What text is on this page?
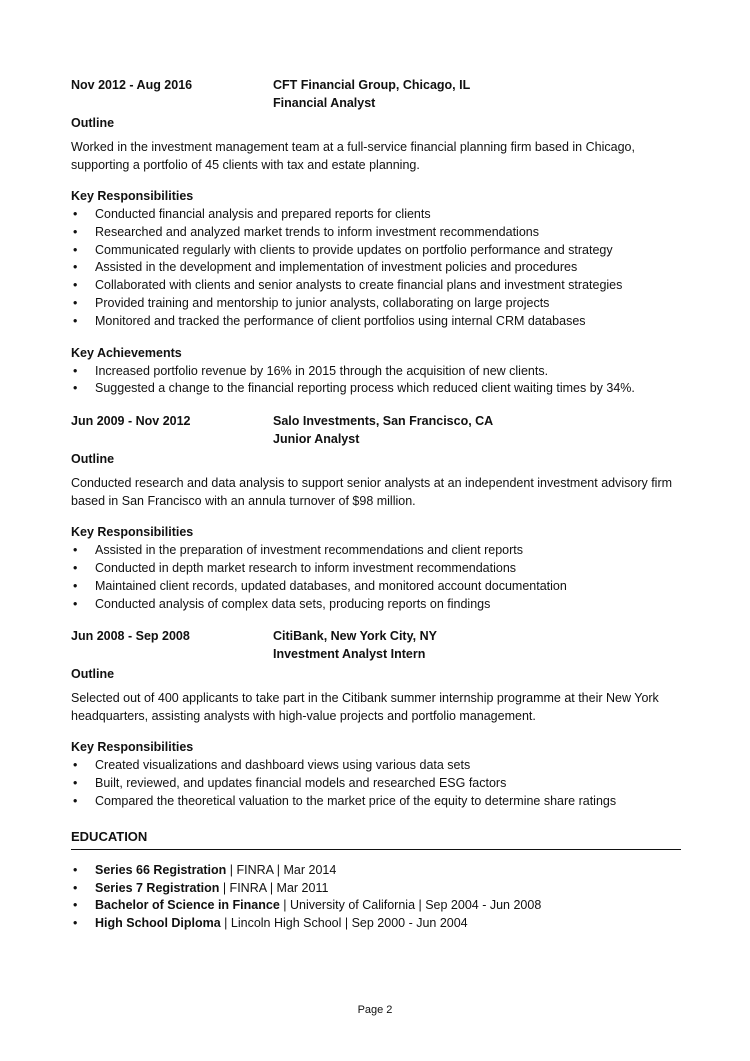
Nov 2012 - Aug 2016	CFT Financial Group, Chicago, IL
Financial Analyst
Outline

Worked in the investment management team at a full-service financial planning firm based in Chicago, supporting a portfolio of 45 clients with tax and estate planning.

Key Responsibilities
• Conducted financial analysis and prepared reports for clients
• Researched and analyzed market trends to inform investment recommendations
• Communicated regularly with clients to provide updates on portfolio performance and strategy
• Assisted in the development and implementation of investment policies and procedures
• Collaborated with clients and senior analysts to create financial plans and investment strategies
• Provided training and mentorship to junior analysts, collaborating on large projects
• Monitored and tracked the performance of client portfolios using internal CRM databases
Key Achievements
• Increased portfolio revenue by 16% in 2015 through the acquisition of new clients.
• Suggested a change to the financial reporting process which reduced client waiting times by 34%.
Jun 2009 - Nov 2012	Salo Investments, San Francisco, CA
Junior Analyst
Outline

Conducted research and data analysis to support senior analysts at an independent investment advisory firm based in San Francisco with an annula turnover of $98 million.

Key Responsibilities
• Assisted in the preparation of investment recommendations and client reports
• Conducted in depth market research to inform investment recommendations
• Maintained client records, updated databases, and monitored account documentation
• Conducted analysis of complex data sets, producing reports on findings
Jun 2008 - Sep 2008	CitiBank, New York City, NY
Investment Analyst Intern
Outline

Selected out of 400 applicants to take part in the Citibank summer internship programme at their New York headquarters, assisting analysts with high-value projects and portfolio management.

Key Responsibilities
• Created visualizations and dashboard views using various data sets
• Built, reviewed, and updates financial models and researched ESG factors
• Compared the theoretical valuation to the market price of the equity to determine share ratings
EDUCATION
• Series 66 Registration | FINRA | Mar 2014
• Series 7 Registration | FINRA | Mar 2011
• Bachelor of Science in Finance | University of California | Sep 2004 - Jun 2008
• High School Diploma | Lincoln High School | Sep 2000 - Jun 2004
Page 2
